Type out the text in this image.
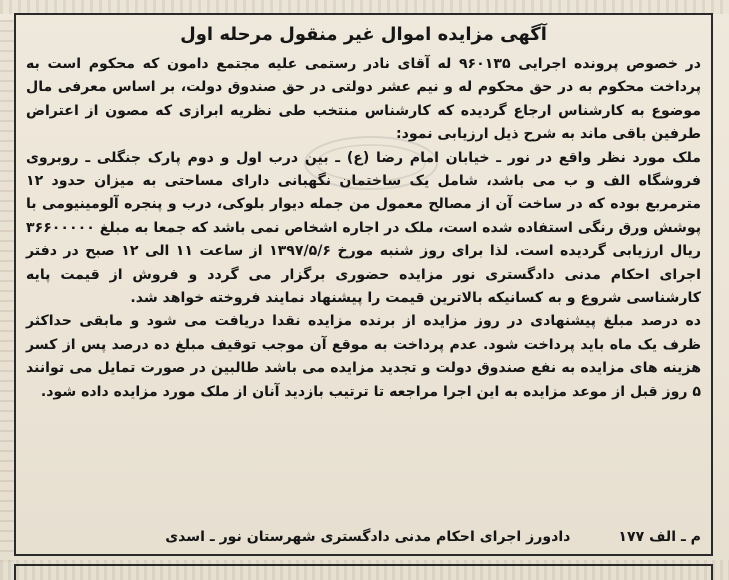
آگهی مزایده اموال غیر منقول مرحله اول

در خصوص پرونده اجرایی ۹۶۰۱۳۵ له آقای نادر رستمی علیه مجتمع دامون که محکوم است به پرداخت محکوم به در حق محکوم له و نیم عشر دولتی در حق صندوق دولت، بر اساس معرفی مال موضوع به کارشناس ارجاع گردیده که کارشناس منتخب طی نظریه ابرازی که مصون از اعتراض طرفین باقی ماند به شرح ذیل ارزیابی نمود:

ملک مورد نظر واقع در نور ـ خیابان امام رضا (ع) ـ بین درب اول و دوم پارک جنگلی ـ روبروی فروشگاه الف و ب می باشد، شامل یک ساختمان نگهبانی دارای مساحتی به میزان حدود ۱۲ مترمربع بوده که در ساخت آن از مصالح معمول من جمله دیوار بلوکی، درب و پنجره آلومینیومی با پوشش ورق رنگی استفاده شده است، ملک در اجاره اشخاص نمی باشد که جمعا به مبلغ ۳۶۶۰۰۰۰۰ ریال ارزیابی گردیده است. لذا برای روز شنبه مورخ ۱۳۹۷/۵/۶ از ساعت ۱۱ الی ۱۲ صبح در دفتر اجرای احکام مدنی دادگستری نور مزایده حضوری برگزار می گردد و فروش از قیمت پایه کارشناسی شروع و به کسانیکه بالاترین قیمت را پیشنهاد نمایند فروخته خواهد شد.

ده درصد مبلغ پیشنهادی در روز مزایده از برنده مزایده نقدا دریافت می شود و مابقی حداکثر ظرف یک ماه باید پرداخت شود. عدم پرداخت به موقع آن موجب توقیف مبلغ ده درصد پس از کسر هزینه های مزایده به نفع صندوق دولت و تجدید مزایده می باشد طالبین در صورت تمایل می توانند ۵ روز قبل از موعد مزایده به این اجرا مراجعه تا ترتیب بازدید آنان از ملک مورد مزایده داده شود.

م ـ الف ۱۷۷
دادورز اجرای احکام مدنی دادگستری شهرستان نور ـ اسدی
